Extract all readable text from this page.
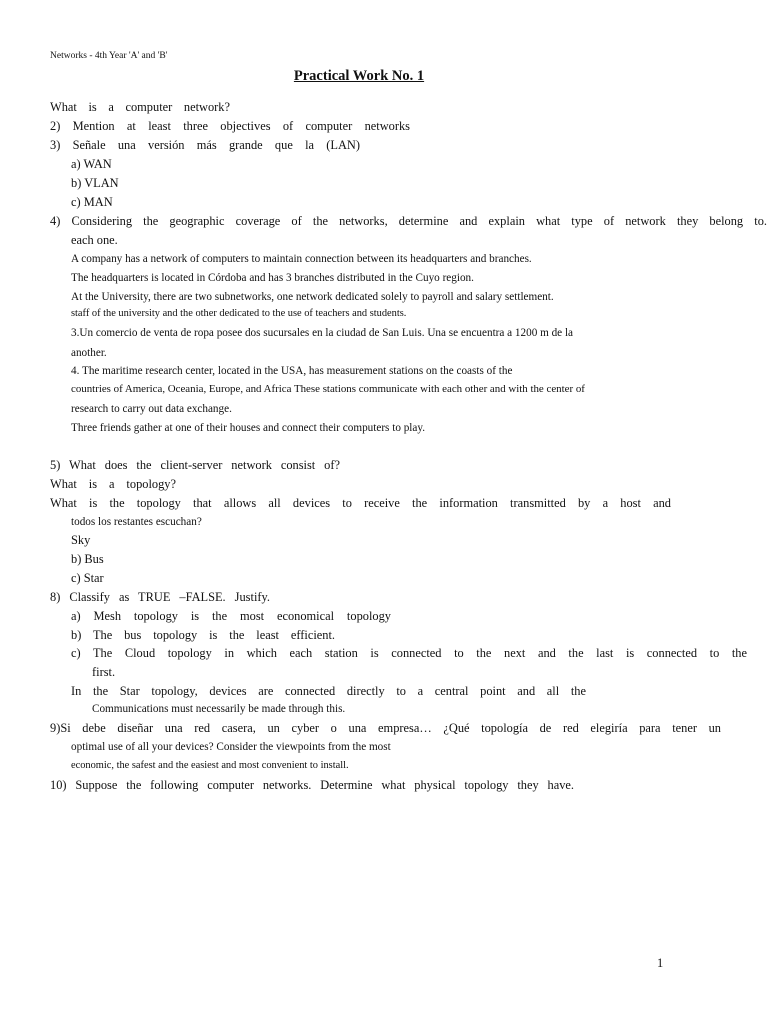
Networks - 4th Year 'A' and 'B'
Practical Work No. 1
What is a computer network?
2) Mention at least three objectives of computer networks
3) Señale una versión más grande que la (LAN)
a) WAN
b) VLAN
c) MAN
4) Considering the geographic coverage of the networks, determine and explain what type of network they belong to.
each one.
A company has a network of computers to maintain connection between its headquarters and branches.
The headquarters is located in Córdoba and has 3 branches distributed in the Cuyo region.
At the University, there are two subnetworks, one network dedicated solely to payroll and salary settlement.
staff of the university and the other dedicated to the use of teachers and students.
3.Un comercio de venta de ropa posee dos sucursales en la ciudad de San Luis. Una se encuentra a 1200 m de la
another.
4. The maritime research center, located in the USA, has measurement stations on the coasts of the
countries of America, Oceania, Europe, and Africa These stations communicate with each other and with the center of
research to carry out data exchange.
Three friends gather at one of their houses and connect their computers to play.
5) What does the client-server network consist of?
What is a topology?
What is the topology that allows all devices to receive the information transmitted by a host and
todos los restantes escuchan?
Sky
b) Bus
c) Star
8) Classify as TRUE –FALSE. Justify.
a) Mesh topology is the most economical topology
b) The bus topology is the least efficient.
c) The Cloud topology in which each station is connected to the next and the last is connected to the
first.
In the Star topology, devices are connected directly to a central point and all the
Communications must necessarily be made through this.
9)Si debe diseñar una red casera, un cyber o una empresa… ¿Qué topología de red elegiría para tener un
optimal use of all your devices? Consider the viewpoints from the most
economic, the safest and the easiest and most convenient to install.
10) Suppose the following computer networks. Determine what physical topology they have.
1
